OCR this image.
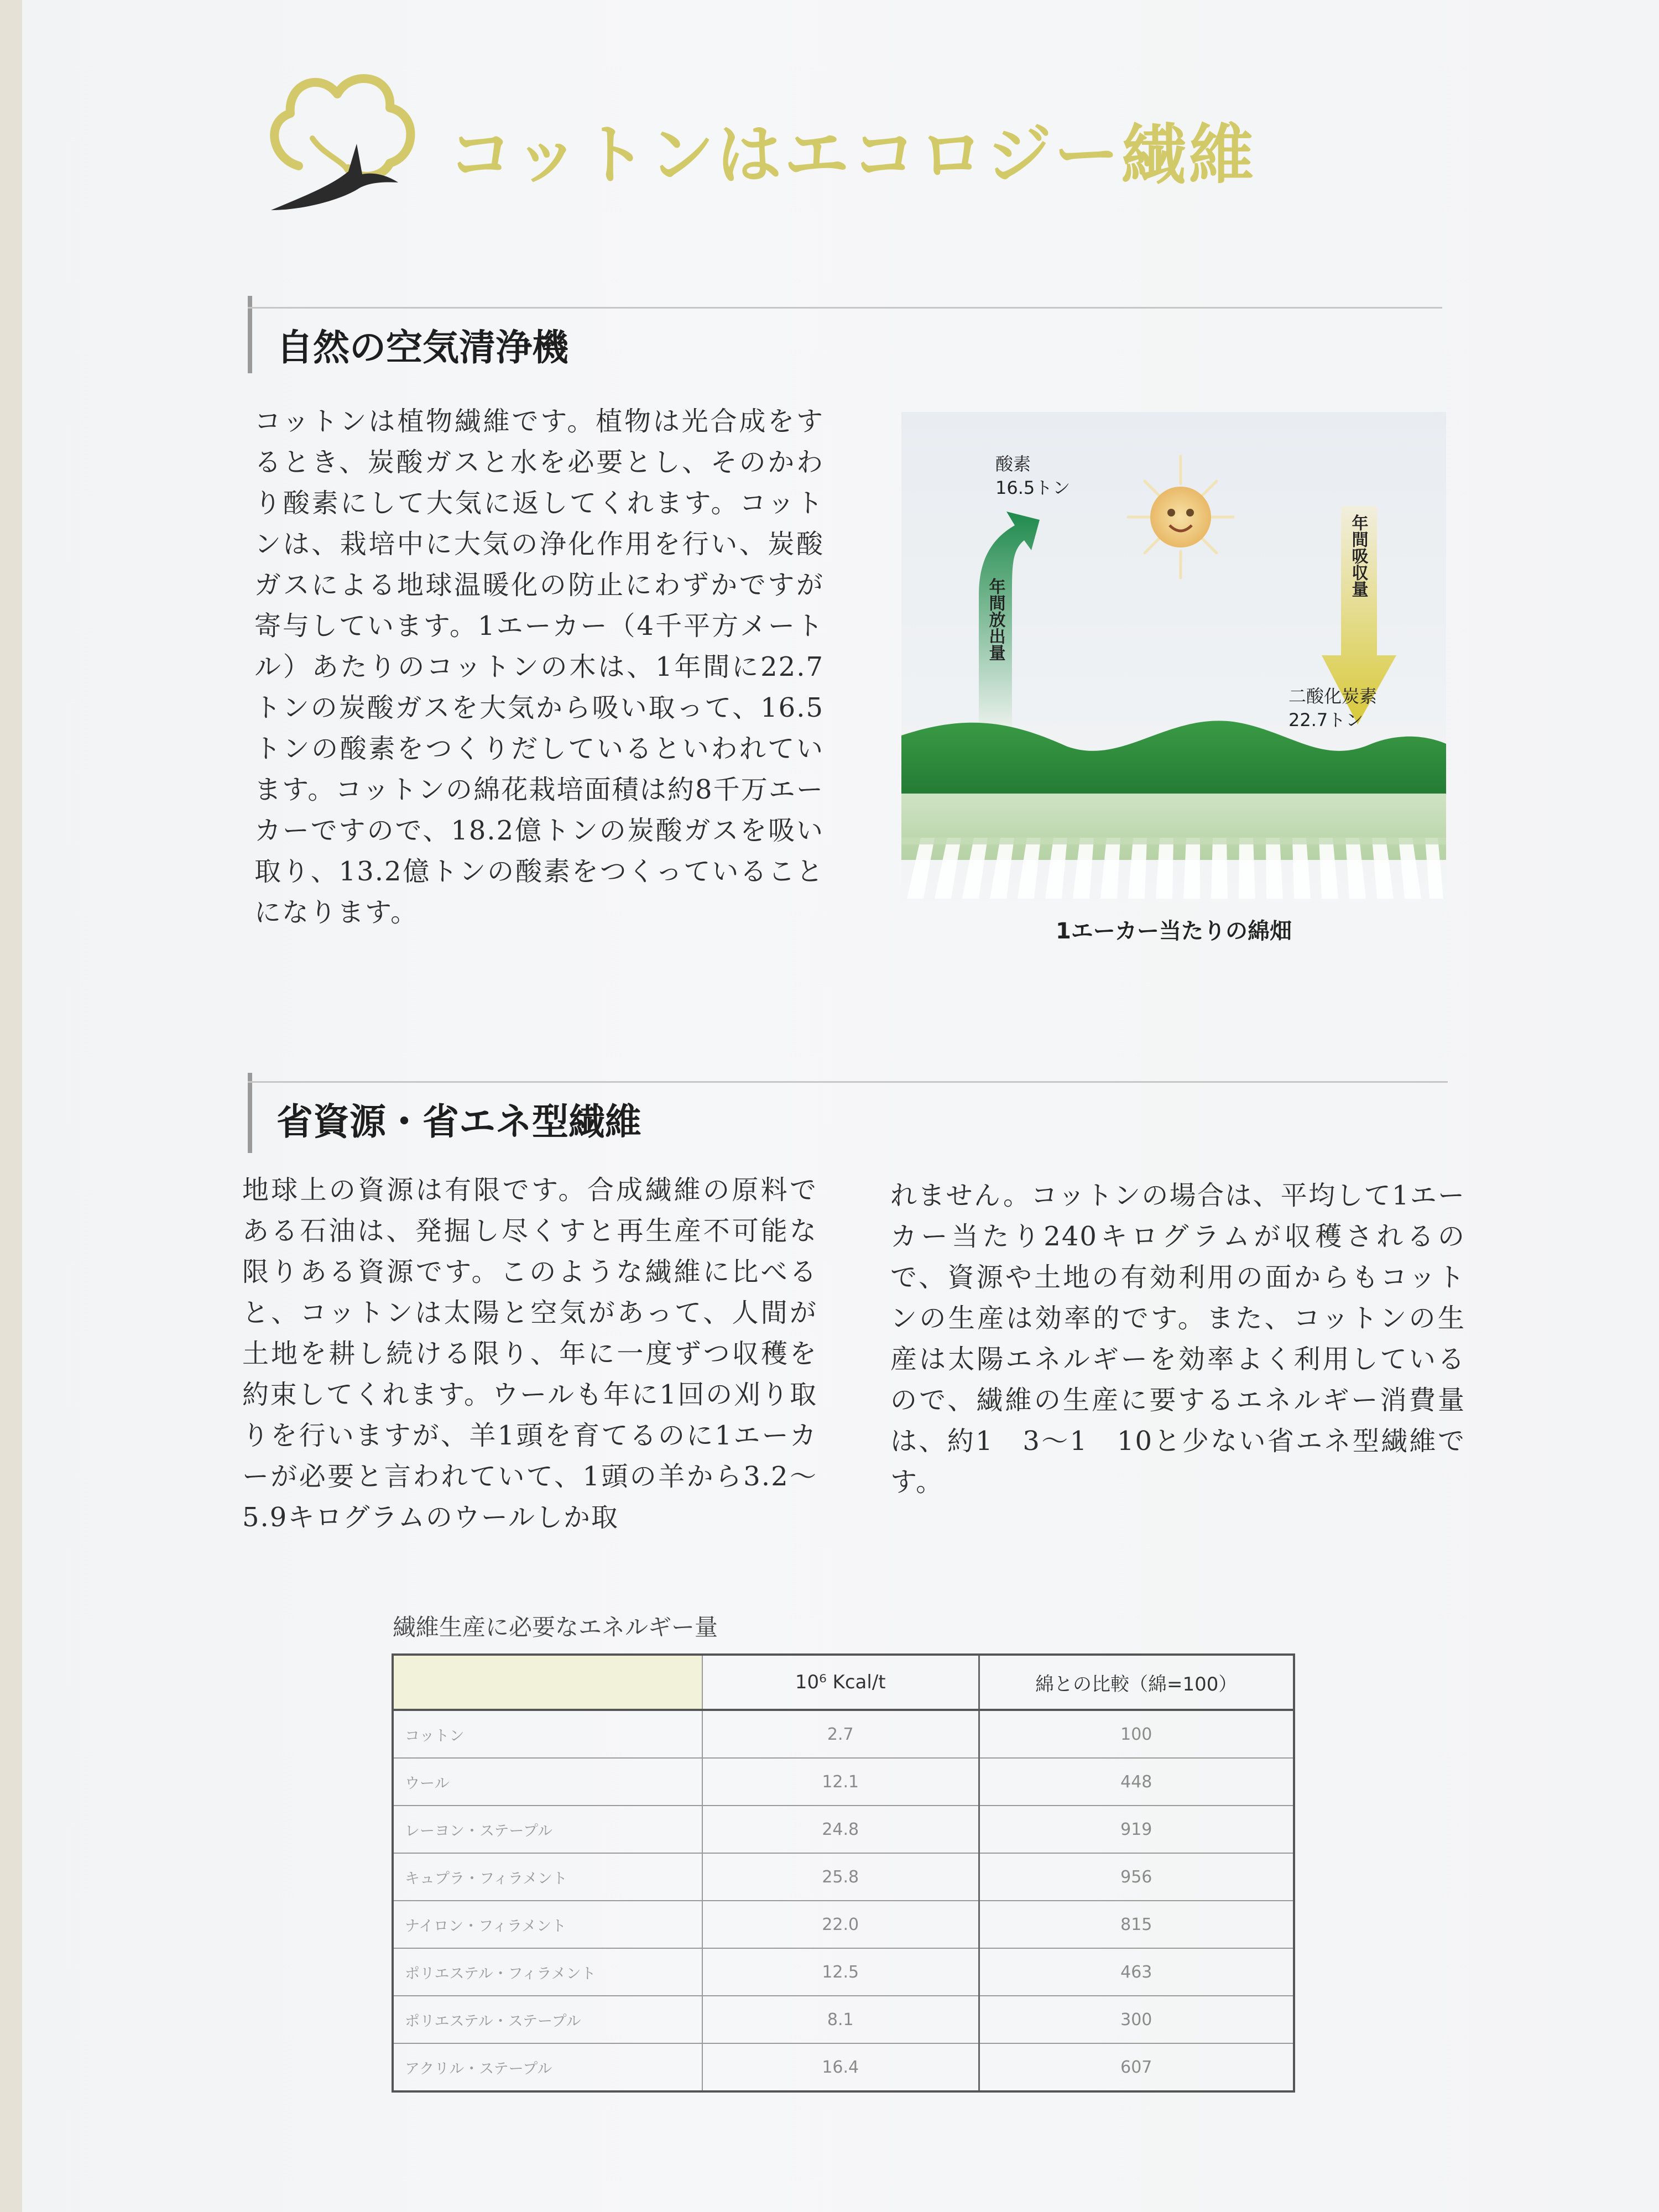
コットンはエコロジー繊維
自然の空気清浄機
コットンは植物繊維です。植物は光合成をするとき、炭酸ガスと水を必要とし、そのかわり酸素にして大気に返してくれます。コットンは、栽培中に大気の浄化作用を行い、炭酸ガスによる地球温暖化の防止にわずかですが寄与しています。1エーカー（4千平方メートル）あたりのコットンの木は、1年間に22.7トンの炭酸ガスを大気から吸い取って、16.5トンの酸素をつくりだしているといわれています。コットンの綿花栽培面積は約8千万エーカーですので、18.2億トンの炭酸ガスを吸い取り、13.2億トンの酸素をつくっていることになります。
酸素
16.5トン
年間放出量
年間吸収量
二酸化炭素
22.7トン
1エーカー当たりの綿畑
省資源・省エネ型繊維
地球上の資源は有限です。合成繊維の原料である石油は、発掘し尽くすと再生産不可能な限りある資源です。このような繊維に比べると、コットンは太陽と空気があって、人間が土地を耕し続ける限り、年に一度ずつ収穫を約束してくれます。ウールも年に1回の刈り取りを行いますが、羊1頭を育てるのに1エーカーが必要と言われていて、1頭の羊から3.2〜5.9キログラムのウールしか取
れません。コットンの場合は、平均して1エーカー当たり240キログラムが収穫されるので、資源や土地の有効利用の面からもコットンの生産は効率的です。また、コットンの生産は太陽エネルギーを効率よく利用しているので、繊維の生産に要するエネルギー消費量は、約1　3〜1　10と少ない省エネ型繊維です。
繊維生産に必要なエネルギー量
	10⁶ Kcal/t	綿との比較（綿=100）
コットン	2.7	100
ウール	12.1	448
レーヨン・ステープル	24.8	919
キュプラ・フィラメント	25.8	956
ナイロン・フィラメント	22.0	815
ポリエステル・フィラメント	12.5	463
ポリエステル・ステープル	8.1	300
アクリル・ステープル	16.4	607
